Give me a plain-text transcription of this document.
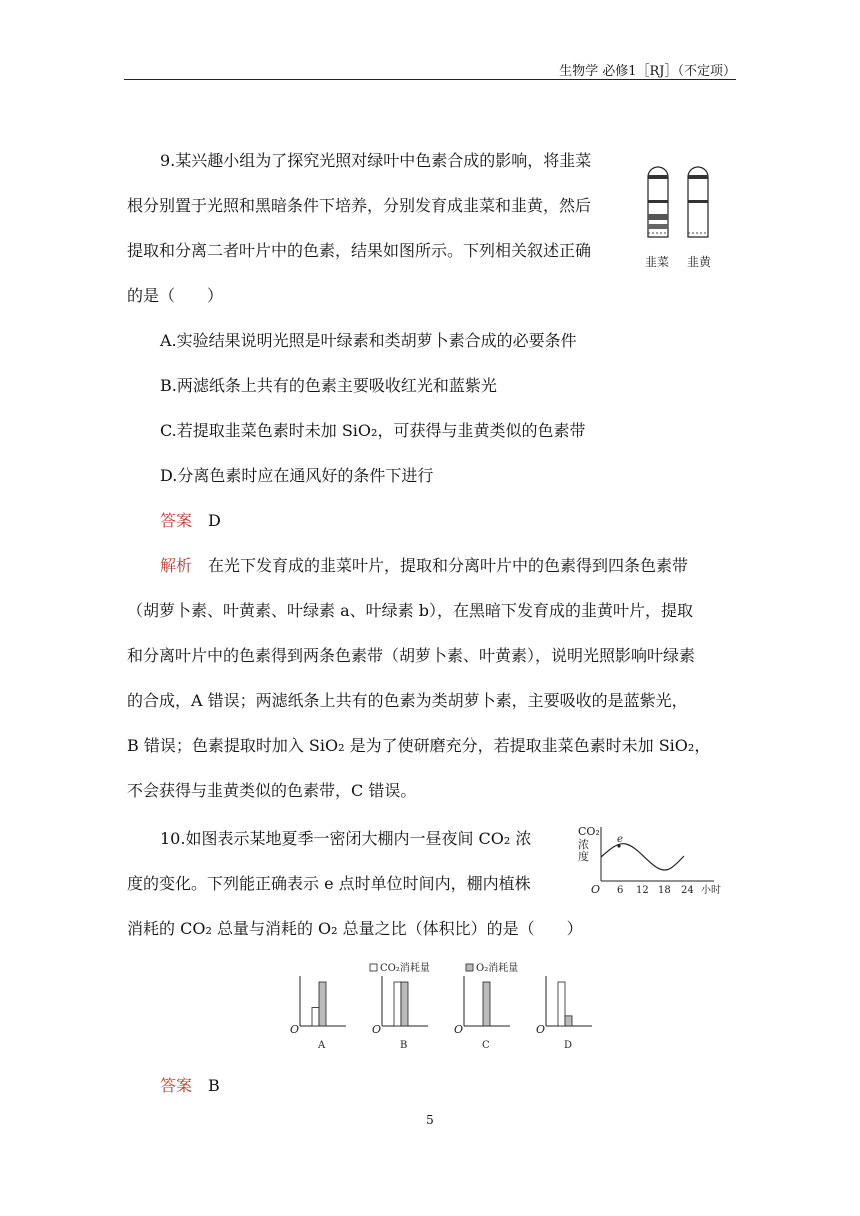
生物学 必修1［RJ］（不定项）
9.某兴趣小组为了探究光照对绿叶中色素合成的影响，将韭菜
根分别置于光照和黑暗条件下培养，分别发育成韭菜和韭黄，然后
提取和分离二者叶片中的色素，结果如图所示。下列相关叙述正确
的是（　　）
A.实验结果说明光照是叶绿素和类胡萝卜素合成的必要条件
B.两滤纸条上共有的色素主要吸收红光和蓝紫光
C.若提取韭菜色素时未加 SiO₂，可获得与韭黄类似的色素带
D.分离色素时应在通风好的条件下进行
答案　 D
解析　 在光下发育成的韭菜叶片，提取和分离叶片中的色素得到四条色素带
（胡萝卜素、叶黄素、叶绿素 a、叶绿素 b），在黑暗下发育成的韭黄叶片，提取
和分离叶片中的色素得到两条色素带（胡萝卜素、叶黄素），说明光照影响叶绿素
的合成，A 错误；两滤纸条上共有的色素为类胡萝卜素，主要吸收的是蓝紫光，
B 错误；色素提取时加入 SiO₂ 是为了使研磨充分，若提取韭菜色素时未加 SiO₂，
不会获得与韭黄类似的色素带，C 错误。
韭菜 韭黄
10.如图表示某地夏季一密闭大棚内一昼夜间 CO₂ 浓
度的变化。下列能正确表示 e 点时单位时间内，棚内植株
消耗的 CO₂ 总量与消耗的 O₂ 总量之比（体积比）的是（　　）
CO₂
浓
度
e
O 6 12 18 24 小时
CO₂消耗量	O₂消耗量
O
A
O
B
O
C
O
D
答案　 B
5
